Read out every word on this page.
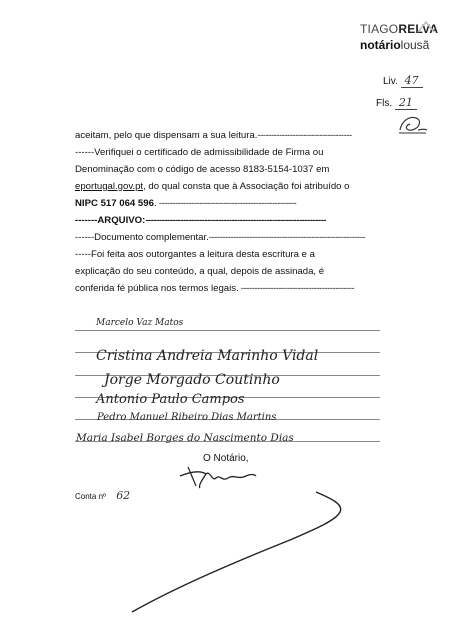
TIAGORELVA
notáriolousã
Liv. 47
Fls. 21
aceitam, pelo que dispensam a sua leitura.-----------------------------------
------Verifiquei o certificado de admissibilidade de Firma ou
Denominação com o código de acesso 8183-5154-1037 em
eportugal.gov.pt, do qual consta que à Associação foi atribuído o
NIPC 517 064 596. ---------------------------------------------------
-------ARQUIVO:-------------------------------------------------------------------
------Documento complementar.----------------------------------------------------------
-----Foi feita aos outorgantes a leitura desta escritura e a
explicação do seu conteúdo, a qual, depois de assinada, é
conferida fé pública nos termos legais. ------------------------------------------
Marcelo Vaz Matos
Cristina Andreia Marinho Vidal
Jorge Morgado Coutinho
Antonio Paulo Campos
Pedro Manuel Ribeiro Dias Martins
Maria Isabel Borges do Nascimento Dias
O Notário,
Conta nº 62
